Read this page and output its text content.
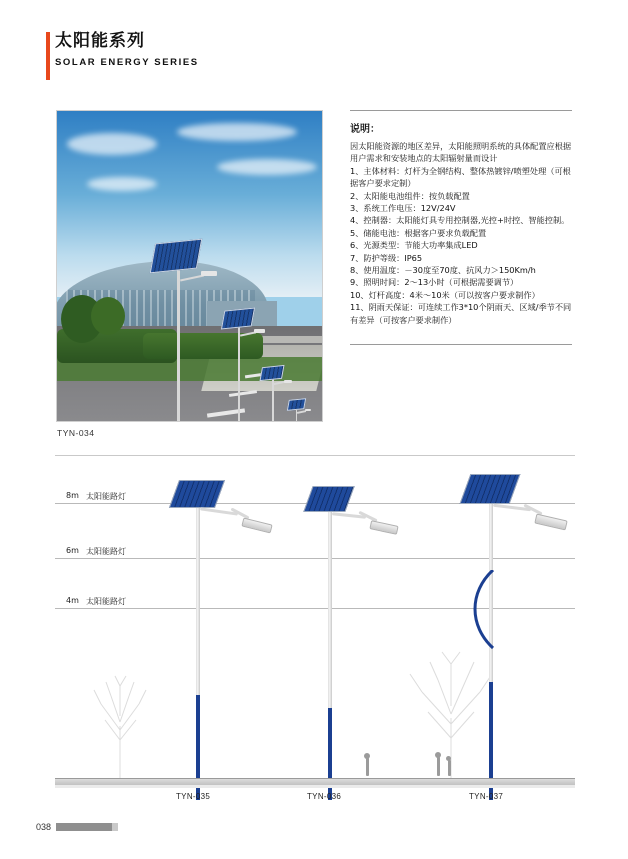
太阳能系列
SOLAR ENERGY SERIES
TYN-034
说明：

因太阳能资源的地区差异，太阳能照明系统的具体配置应根据用户需求和安装地点的太阳辐射量而设计

1、主体材料：灯杆为全钢结构、整体热镀锌/喷塑处理（可根据客户要求定制）

2、太阳能电池组件：按负载配置

3、系统工作电压：12V/24V

4、控制器：太阳能灯具专用控制器,光控+时控、智能控制。

5、储能电池：根据客户要求负载配置

6、光源类型：节能大功率集成LED

7、防护等级：IP65

8、使用温度：－30度至70度、抗风力＞150Km/h

9、照明时间：2～13小时（可根据需要调节）

10、灯杆高度：4米～10米（可以按客户要求制作）

11、阴雨天保证：可连续工作3*10个阴雨天、区域/季节不同有差异（可按客户要求制作）

8m 太阳能路灯
6m 太阳能路灯
4m 太阳能路灯
TYN-035	TYN-036	TYN-037
038
